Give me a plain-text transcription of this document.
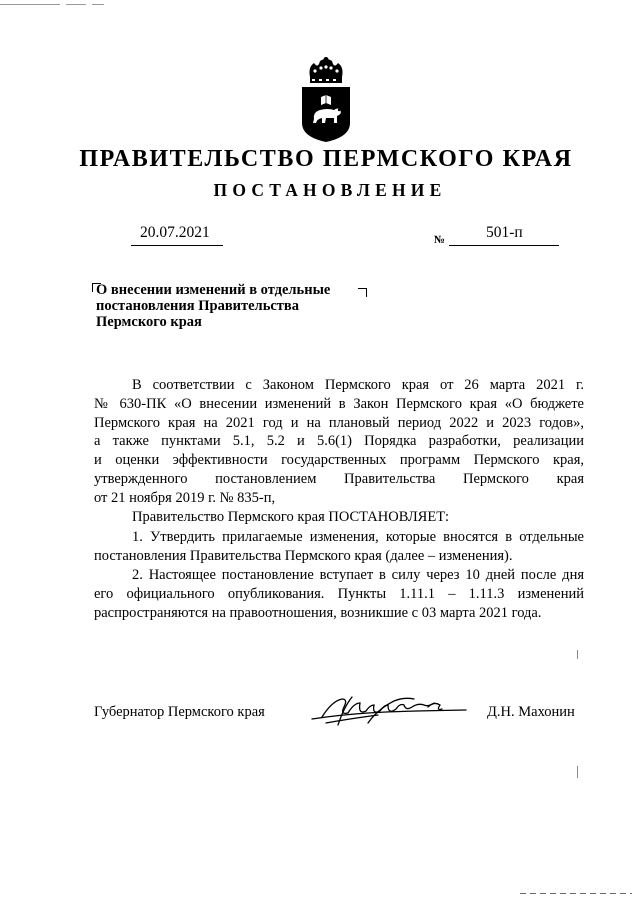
ПРАВИТЕЛЬСТВО ПЕРМСКОГО КРАЯ
ПОСТАНОВЛЕНИЕ
20.07.2021	№	501-п
О внесении изменений в отдельные
постановления Правительства
Пермского края
В соответствии с Законом Пермского края от 26 марта 2021 г.
№ 630-ПК «О внесении изменений в Закон Пермского края «О бюджете
Пермского края на 2021 год и на плановый период 2022 и 2023 годов»,
а также пунктами 5.1, 5.2 и 5.6(1) Порядка разработки, реализации
и оценки эффективности государственных программ Пермского края,
утвержденного постановлением Правительства Пермского края
от 21 ноября 2019 г. № 835-п,
Правительство Пермского края ПОСТАНОВЛЯЕТ:
1. Утвердить прилагаемые изменения, которые вносятся в отдельные
постановления Правительства Пермского края (далее – изменения).
2. Настоящее постановление вступает в силу через 10 дней после дня
его официального опубликования. Пункты 1.11.1 – 1.11.3 изменений
распространяются на правоотношения, возникшие с 03 марта 2021 года.
Губернатор Пермского края	Д.Н. Махонин
